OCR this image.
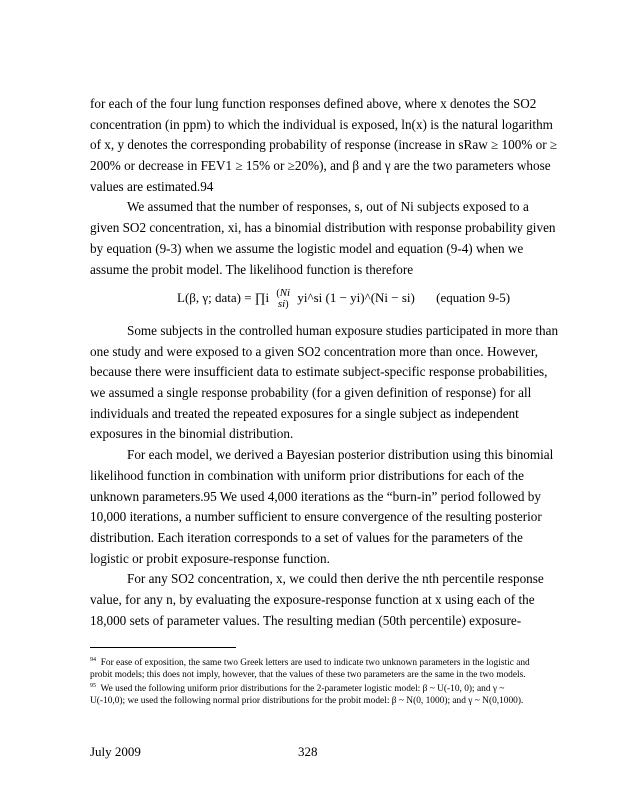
for each of the four lung function responses defined above, where x denotes the SO2
concentration (in ppm) to which the individual is exposed, ln(x) is the natural logarithm
of x, y denotes the corresponding probability of response (increase in sRaw ≥ 100% or ≥
200% or decrease in FEV1 ≥ 15% or ≥20%), and β and γ are the two parameters whose
values are estimated.94
We assumed that the number of responses, s, out of Ni subjects exposed to a
given SO2 concentration, xi, has a binomial distribution with response probability given
by equation (9-3) when we assume the logistic model and equation (9-4) when we
assume the probit model. The likelihood function is therefore
L(β, γ; data) = ∏i (Ni
si) yi^si (1 − yi)^(Ni − si) (equation 9-5)
Some subjects in the controlled human exposure studies participated in more than
one study and were exposed to a given SO2 concentration more than once. However,
because there were insufficient data to estimate subject-specific response probabilities,
we assumed a single response probability (for a given definition of response) for all
individuals and treated the repeated exposures for a single subject as independent
exposures in the binomial distribution.
For each model, we derived a Bayesian posterior distribution using this binomial
likelihood function in combination with uniform prior distributions for each of the
unknown parameters.95 We used 4,000 iterations as the “burn-in” period followed by
10,000 iterations, a number sufficient to ensure convergence of the resulting posterior
distribution. Each iteration corresponds to a set of values for the parameters of the
logistic or probit exposure-response function.
For any SO2 concentration, x, we could then derive the nth percentile response
value, for any n, by evaluating the exposure-response function at x using each of the
18,000 sets of parameter values. The resulting median (50th percentile) exposure-
$^{94}$ For ease of exposition, the same two Greek letters are used to indicate two unknown parameters in the logistic and probit models; this does not imply, however, that the values of these two parameters are the same in the two models.
$^{95}$ We used the following uniform prior distributions for the 2-parameter logistic model: β ~ U(-10, 0); and γ ~ U(-10,0); we used the following normal prior distributions for the probit model: β ~ N(0, 1000); and γ ~ N(0,1000).
July 2009	328
